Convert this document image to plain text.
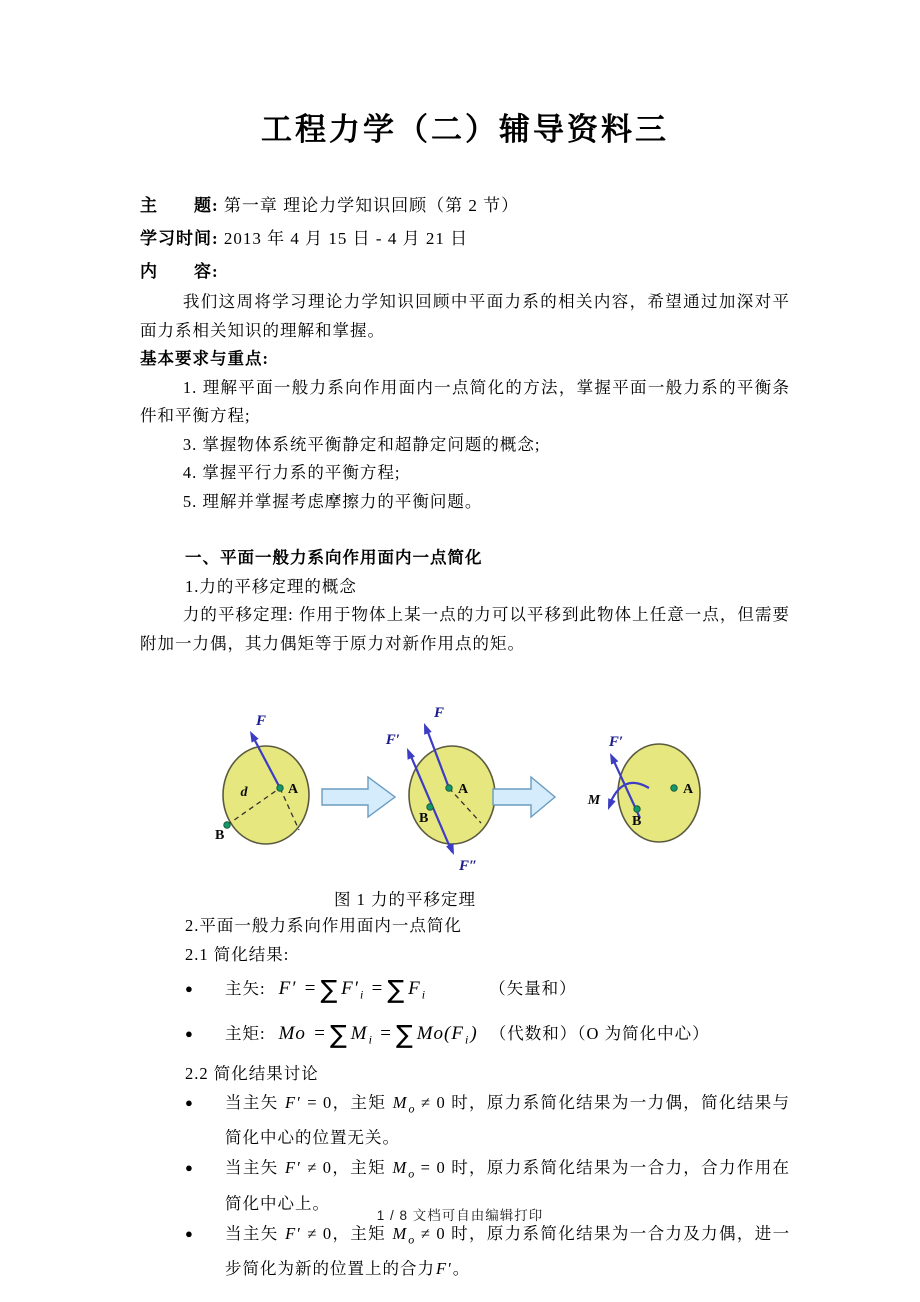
工程力学（二）辅导资料三

主　　题: 第一章 理论力学知识回顾（第 2 节）

学习时间: 2013 年 4 月 15 日 - 4 月 21 日

内　　容:

我们这周将学习理论力学知识回顾中平面力系的相关内容，希望通过加深对平面力系相关知识的理解和掌握。

基本要求与重点:

1. 理解平面一般力系向作用面内一点简化的方法，掌握平面一般力系的平衡条件和平衡方程;

3. 掌握物体系统平衡静定和超静定问题的概念;

4. 掌握平行力系的平衡方程;

5. 理解并掌握考虑摩擦力的平衡问题。

一、平面一般力系向作用面内一点简化

1.力的平移定理的概念

力的平移定理: 作用于物体上某一点的力可以平移到此物体上任意一点，但需要附加一力偶，其力偶矩等于原力对新作用点的矩。

F
d	A
B
F
F′
F″
A
B
F′
M
A
B

图 1 力的平移定理

2.平面一般力系向作用面内一点简化

2.1 简化结果:

●	主矢: F′ = ∑ $F'_i$ = ∑ $F_i$	（矢量和）
●	主矩: Mo = ∑ $M_i$ = ∑ $Mo(F_i)$ （代数和）（O 为简化中心）

2.2 简化结果讨论

●	当主矢 F′ = 0，主矩 $M_o \ne 0$ 时，原力系简化结果为一力偶，简化结果与简化中心的位置无关。
●	当主矢 F′ ≠ 0，主矩 $M_o = 0$ 时，原力系简化结果为一合力，合力作用在简化中心上。
●	当主矢 F′ ≠ 0，主矩 $M_o \ne 0$ 时，原力系简化结果为一合力及力偶，进一步简化为新的位置上的合力F′。
1 / 8 文档可自由编辑打印
